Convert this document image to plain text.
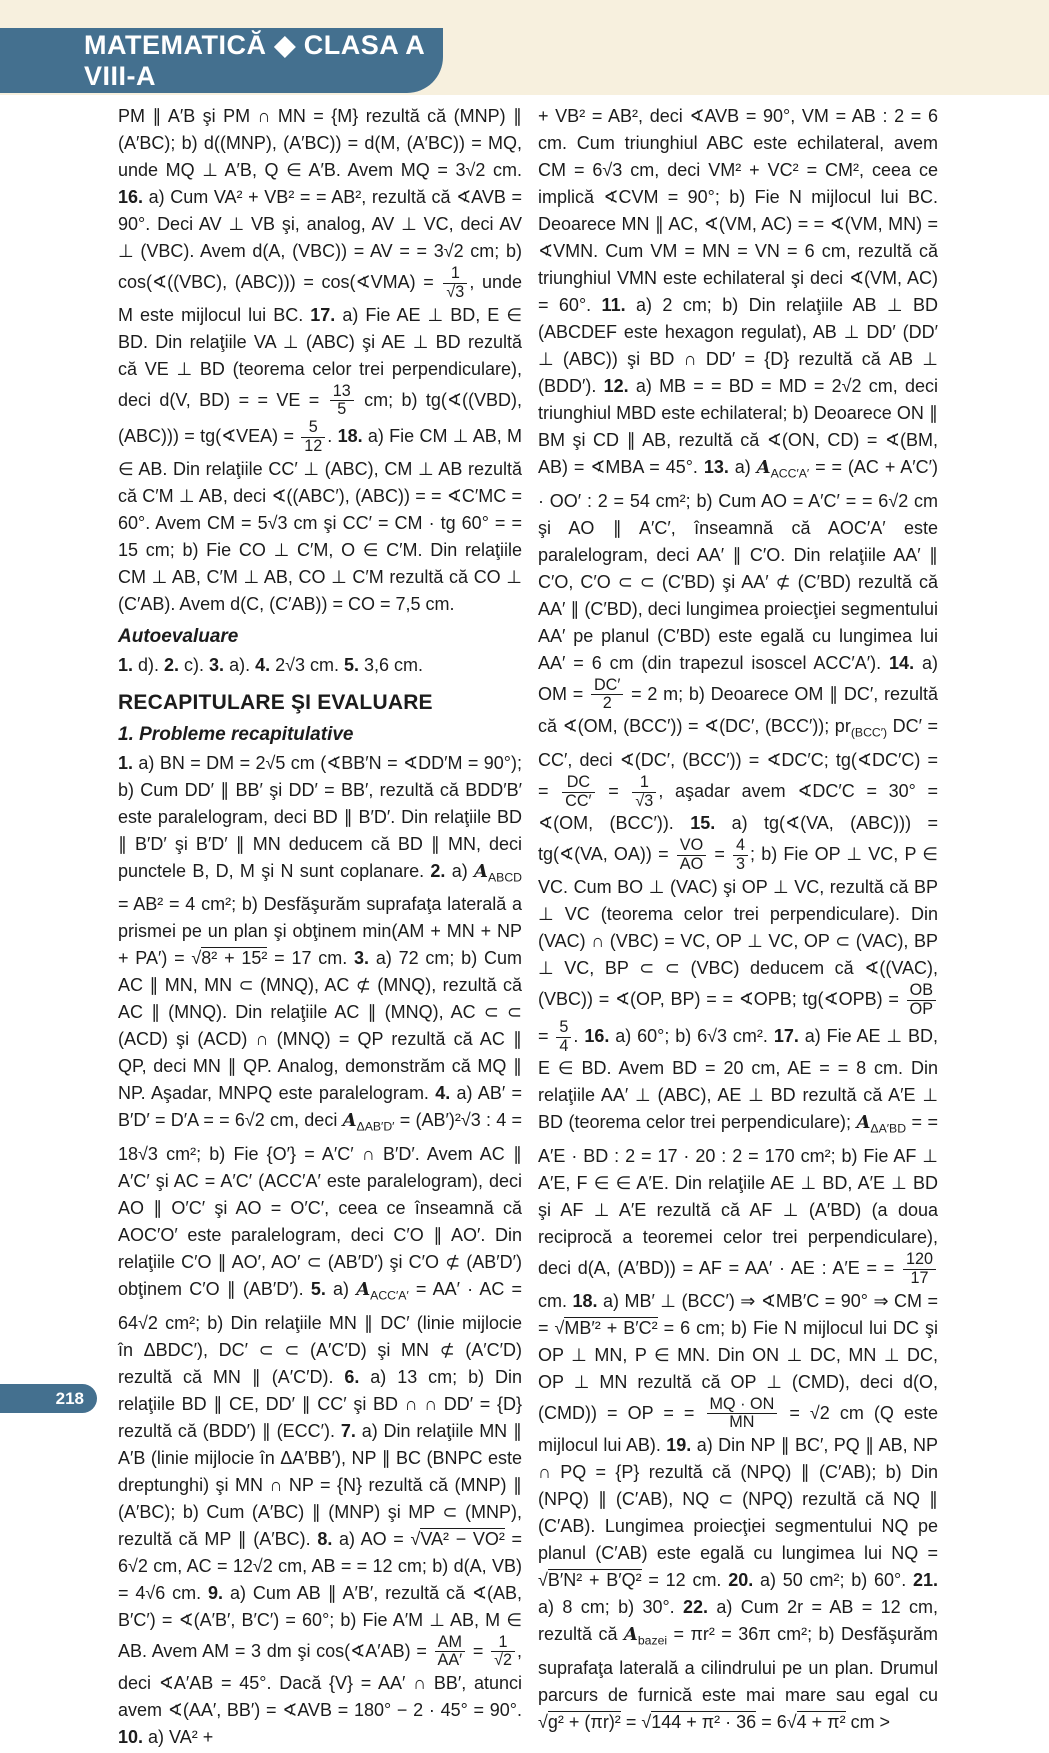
MATEMATICĂ ◆ CLASA A VIII-A

PM ∥ A′B şi PM ∩ MN = {M} rezultă că (MNP) ∥ (A′BC); b) d((MNP), (A′BC)) = d(M, (A′BC)) = MQ, unde MQ ⊥ A′B, Q ∈ A′B. Avem MQ = 3√2 cm. 16. a) Cum VA² + VB² = = AB², rezultă că ∢AVB = 90°. Deci AV ⊥ VB şi, analog, AV ⊥ VC, deci AV ⊥ (VBC). Avem d(A, (VBC)) = AV = = 3√2 cm; b) cos(∢((VBC), (ABC))) = cos(∢VMA) = $\frac{1}{√3}$ , unde M este mijlocul lui BC. 17. a) Fie AE ⊥ BD, E ∈ BD. Din relaţiile VA ⊥ (ABC) şi AE ⊥ BD rezultă că VE ⊥ BD (teorema celor trei perpendiculare), deci d(V, BD) = = VE = $\frac{13}{5}$ cm; b) tg(∢((VBD), (ABC))) = tg(∢VEA) = $\frac{5}{12}$ . 18. a) Fie CM ⊥ AB, M ∈ AB. Din relaţiile CC′ ⊥ (ABC), CM ⊥ AB rezultă că C′M ⊥ AB, deci ∢((ABC′), (ABC)) = = ∢C′MC = 60°. Avem CM = 5√3 cm şi CC′ = CM · tg 60° = = 15 cm; b) Fie CO ⊥ C′M, O ∈ C′M. Din relaţiile CM ⊥ AB, C′M ⊥ AB, CO ⊥ C′M rezultă că CO ⊥ (C′AB). Avem d(C, (C′AB)) = CO = 7,5 cm.

Autoevaluare

1. d). 2. c). 3. a). 4. 2√3 cm. 5. 3,6 cm.

RECAPITULARE ŞI EVALUARE

1. Probleme recapitulative

1. a) BN = DM = 2√5 cm (∢BB′N = ∢DD′M = 90°); b) Cum DD′ ∥ BB′ şi DD′ = BB′, rezultă că BDD′B′ este paralelogram, deci BD ∥ B′D′. Din relaţiile BD ∥ B′D′ şi B′D′ ∥ MN deducem că BD ∥ MN, deci punctele B, D, M şi N sunt coplanare. 2. a) $A_{ABCD} = AB^2 = 4$ cm²; b) Desfăşurăm suprafaţa laterală a prismei pe un plan şi obţinem min(AM + MN + NP + PA′) = √8² + 15² = 17 cm. 3. a) 72 cm; b) Cum AC ∥ MN, MN ⊂ (MNQ), AC ⊄ (MNQ), rezultă că AC ∥ (MNQ). Din relaţiile AC ∥ (MNQ), AC ⊂ ⊂ (ACD) şi (ACD) ∩ (MNQ) = QP rezultă că AC ∥ QP, deci MN ∥ QP. Analog, demonstrăm că MQ ∥ NP. Aşadar, MNPQ este paralelogram. 4. a) AB′ = B′D′ = D′A = = 6√2 cm, deci $A_{\Delta AB'D'} = (AB')^2√3$ : 4 = 18√3 cm²; b) Fie {O′} = A′C′ ∩ B′D′. Avem AC ∥ A′C′ şi AC = A′C′ (ACC′A′ este paralelogram), deci AO ∥ O′C′ şi AO = O′C′, ceea ce înseamnă că AOC′O′ este paralelogram, deci C′O ∥ AO′. Din relaţiile C′O ∥ AO′, AO′ ⊂ (AB′D′) şi C′O ⊄ (AB′D′) obţinem C′O ∥ (AB′D′). 5. a) $A_{ACC'A'} = AA'$ · AC = 64√2 cm²; b) Din relaţiile MN ∥ DC′ (linie mijlocie în ΔBDC′), DC′ ⊂ ⊂ (A′C′D) şi MN ⊄ (A′C′D) rezultă că MN ∥ (A′C′D). 6. a) 13 cm; b) Din relaţiile BD ∥ CE, DD′ ∥ CC′ şi BD ∩ ∩ DD′ = {D} rezultă că (BDD′) ∥ (ECC′). 7. a) Din relaţiile MN ∥ A′B (linie mijlocie în ΔA′BB′), NP ∥ BC (BNPC este dreptunghi) şi MN ∩ NP = {N} rezultă că (MNP) ∥ (A′BC); b) Cum (A′BC) ∥ (MNP) şi MP ⊂ (MNP), rezultă că MP ∥ (A′BC). 8. a) AO = √VA² − VO² = 6√2 cm, AC = 12√2 cm, AB = = 12 cm; b) d(A, VB) = 4√6 cm. 9. a) Cum AB ∥ A′B′, rezultă că ∢(AB, B′C′) = ∢(A′B′, B′C′) = 60°; b) Fie A′M ⊥ AB, M ∈ AB. Avem AM = 3 dm şi cos(∢A′AB) = $\frac{AM}{AA'} = \frac{1}{√2}$ , deci ∢A′AB = 45°. Dacă {V} = AA′ ∩ BB′, atunci avem ∢(AA′, BB′) = ∢AVB = 180° − 2 · 45° = 90°. 10. a) VA² +

+ VB² = AB², deci ∢AVB = 90°, VM = AB : 2 = 6 cm. Cum triunghiul ABC este echilateral, avem CM = 6√3 cm, deci VM² + VC² = CM², ceea ce implică ∢CVM = 90°; b) Fie N mijlocul lui BC. Deoarece MN ∥ AC, ∢(VM, AC) = = ∢(VM, MN) = ∢VMN. Cum VM = MN = VN = 6 cm, rezultă că triunghiul VMN este echilateral şi deci ∢(VM, AC) = 60°. 11. a) 2 cm; b) Din relaţiile AB ⊥ BD (ABCDEF este hexagon regulat), AB ⊥ DD′ (DD′ ⊥ (ABC)) şi BD ∩ DD′ = {D} rezultă că AB ⊥ (BDD′). 12. a) MB = = BD = MD = 2√2 cm, deci triunghiul MBD este echilateral; b) Deoarece ON ∥ BM şi CD ∥ AB, rezultă că ∢(ON, CD) = ∢(BM, AB) = ∢MBA = 45°. 13. a) $A_{ACC'A'}$ = = (AC + A′C′) · OO′ : 2 = 54 cm²; b) Cum AO = A′C′ = = 6√2 cm şi AO ∥ A′C′, înseamnă că AOC′A′ este paralelogram, deci AA′ ∥ C′O. Din relaţiile AA′ ∥ C′O, C′O ⊂ ⊂ (C′BD) şi AA′ ⊄ (C′BD) rezultă că AA′ ∥ (C′BD), deci lungimea proiecţiei segmentului AA′ pe planul (C′BD) este egală cu lungimea lui AA′ = 6 cm (din trapezul isoscel ACC′A′). 14. a) OM = $\frac{DC'}{2} = 2$ m; b) Deoarece OM ∥ DC′, rezultă că ∢(OM, (BCC′)) = ∢(DC′, (BCC′)); $pr_{(BCC')}$ DC′ = CC′, deci ∢(DC′, (BCC′)) = ∢DC′C; tg(∢DC′C) = = $\frac{DC}{CC'} = \frac{1}{√3}$ , aşadar avem ∢DC′C = 30° = ∢(OM, (BCC′)). 15. a) tg(∢(VA, (ABC))) = tg(∢(VA, $OA)) = \frac{VO}{AO} = \frac{4}{3}$ ; b) Fie OP ⊥ VC, P ∈ VC. Cum BO ⊥ (VAC) şi OP ⊥ VC, rezultă că BP ⊥ VC (teorema celor trei perpendiculare). Din (VAC) ∩ (VBC) = VC, OP ⊥ VC, OP ⊂ (VAC), BP ⊥ VC, BP ⊂ ⊂ (VBC) deducem că ∢((VAC), (VBC)) = ∢(OP, BP) = = ∢OPB; tg(∢OPB) = $\frac{OB}{OP}$
= $\frac{5}{4}$ . 16. a) 60°; b) 6√3 cm². 17. a) Fie AE ⊥ BD, E ∈ BD. Avem BD = 20 cm, AE = = 8 cm. Din relaţiile AA′ ⊥ (ABC), AE ⊥ BD rezultă că A′E ⊥ BD (teorema celor trei perpendiculare); $A_{\Delta A'BD}$ = = A′E · BD : 2 = 17 · 20 : 2 = 170 cm²; b) Fie AF ⊥ A′E, F ∈ ∈ A′E. Din relaţiile AE ⊥ BD, A′E ⊥ BD şi AF ⊥ A′E rezultă că AF ⊥ (A′BD) (a doua reciprocă a teoremei celor trei perpendiculare), deci d(A, (A′BD)) = AF = AA′ · AE : A′E = = $\frac{120}{17}$
cm. 18. a) MB′ ⊥ (BCC′) ⇒ ∢MB′C = 90° ⇒ CM = = √MB′² + B′C² = 6 cm; b) Fie N mijlocul lui DC şi OP ⊥ MN, P ∈ MN. Din ON ⊥ DC, MN ⊥ DC, OP ⊥ MN rezultă că OP ⊥ (CMD), deci d(O, (CMD)) = OP = = $\frac{MQ \cdot ON}{MN} = √2$ cm (Q este mijlocul lui AB). 19. a) Din NP ∥ BC′, PQ ∥ AB, NP ∩ PQ = {P} rezultă că (NPQ) ∥ (C′AB); b) Din (NPQ) ∥ (C′AB), NQ ⊂ (NPQ) rezultă că NQ ∥ (C′AB). Lungimea proiecţiei segmentului NQ pe planul (C′AB) este egală cu lungimea lui NQ = √B′N² + B′Q² = 12 cm. 20. a) 50 cm²; b) 60°. 21. a) 8 cm; b) 30°. 22. a) Cum 2r = AB = 12 cm, rezultă că $A_{bazei} = \pi r^2 = 36\pi$ cm²; b) Desfăşurăm suprafaţa laterală a cilindrului pe un plan. Drumul parcurs de furnică este mai mare sau egal cu √g² + (πr)² = √144 + π² · 36 = 6√4 + π² cm >

218
